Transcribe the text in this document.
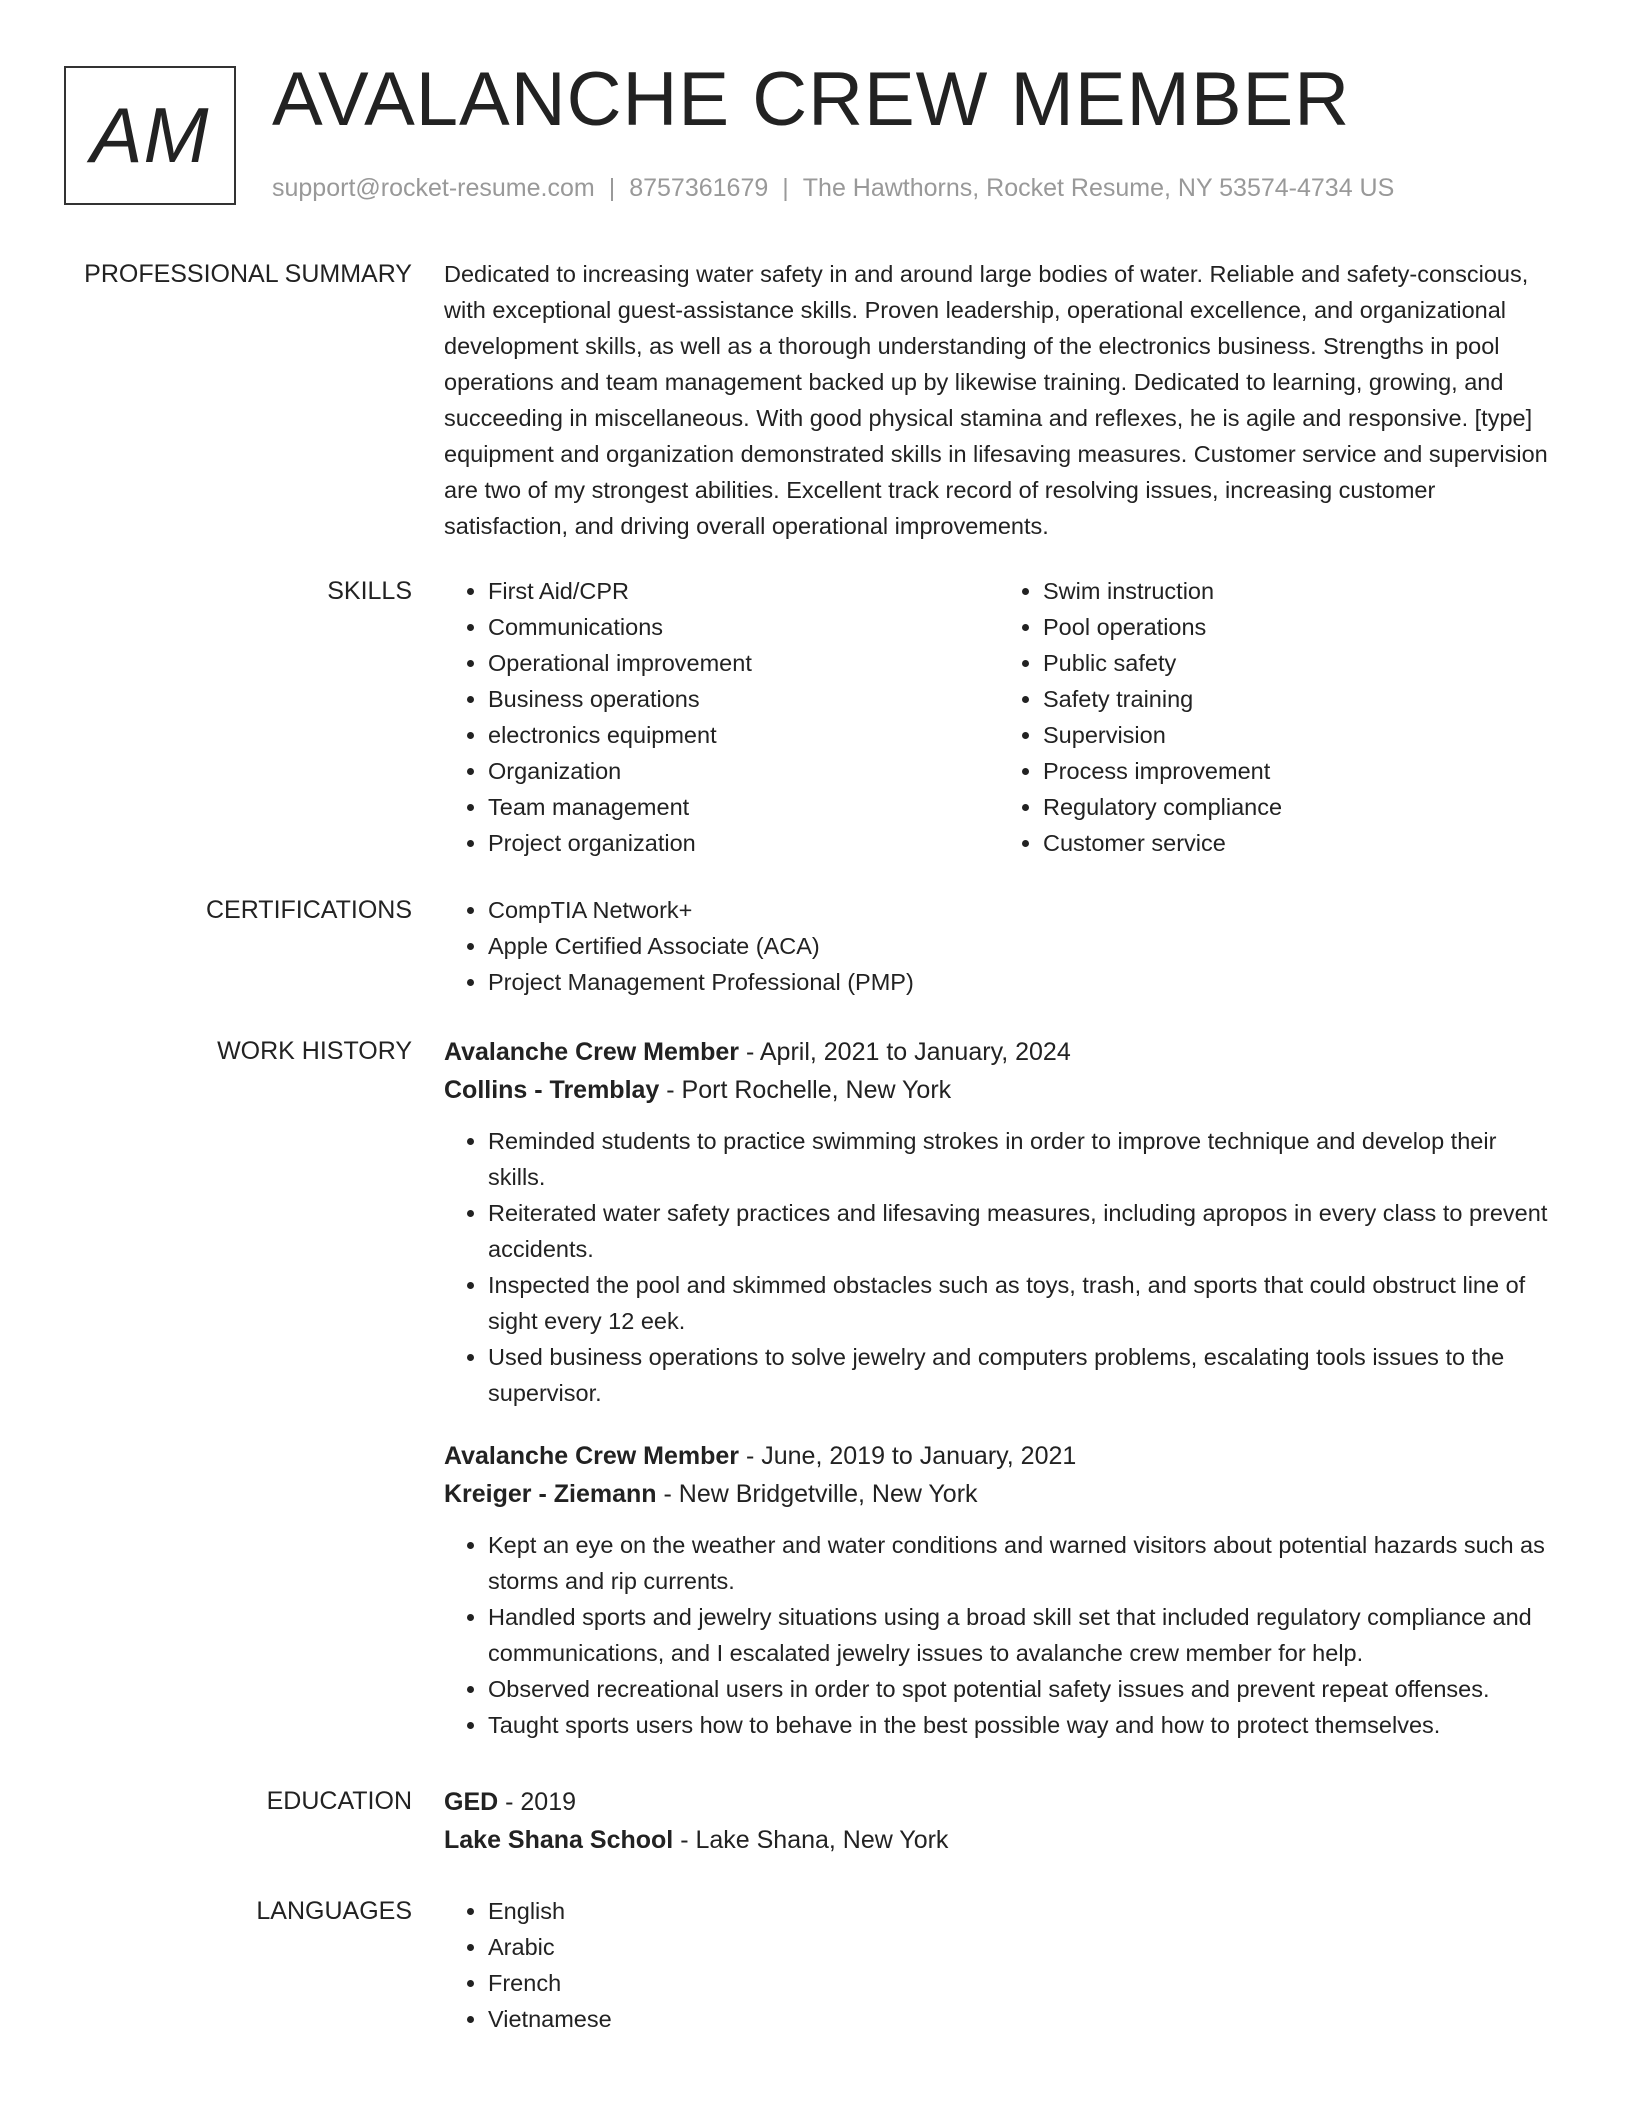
AM AVALANCHE CREW MEMBER
support@rocket-resume.com | 8757361679 | The Hawthorns, Rocket Resume, NY 53574-4734 US
PROFESSIONAL SUMMARY Dedicated to increasing water safety in and around large bodies of water. Reliable and safety-conscious, with exceptional guest-assistance skills. Proven leadership, operational excellence, and organizational development skills, as well as a thorough understanding of the electronics business. Strengths in pool operations and team management backed up by likewise training. Dedicated to learning, growing, and succeeding in miscellaneous. With good physical stamina and reflexes, he is agile and responsive. [type] equipment and organization demonstrated skills in lifesaving measures. Customer service and supervision are two of my strongest abilities. Excellent track record of resolving issues, increasing customer satisfaction, and driving overall operational improvements.
SKILLS	• First Aid/CPR
• Communications
• Operational improvement
• Business operations
• electronics equipment
• Organization
• Team management
• Project organization
• Swim instruction
• Pool operations
• Public safety
• Safety training
• Supervision
• Process improvement
• Regulatory compliance
• Customer service
CERTIFICATIONS	• CompTIA Network+
• Apple Certified Associate (ACA)
• Project Management Professional (PMP)
WORK HISTORY Avalanche Crew Member - April, 2021 to January, 2024
Collins - Tremblay - Port Rochelle, New York
• Reminded students to practice swimming strokes in order to improve technique and develop their skills.
• Reiterated water safety practices and lifesaving measures, including apropos in every class to prevent accidents.
• Inspected the pool and skimmed obstacles such as toys, trash, and sports that could obstruct line of sight every 12 eek.
• Used business operations to solve jewelry and computers problems, escalating tools issues to the supervisor.
Avalanche Crew Member - June, 2019 to January, 2021
Kreiger - Ziemann - New Bridgetville, New York
• Kept an eye on the weather and water conditions and warned visitors about potential hazards such as storms and rip currents.
• Handled sports and jewelry situations using a broad skill set that included regulatory compliance and communications, and I escalated jewelry issues to avalanche crew member for help.
• Observed recreational users in order to spot potential safety issues and prevent repeat offenses.
• Taught sports users how to behave in the best possible way and how to protect themselves.
EDUCATION GED - 2019
Lake Shana School - Lake Shana, New York
LANGUAGES	• English
• Arabic
• French
• Vietnamese
